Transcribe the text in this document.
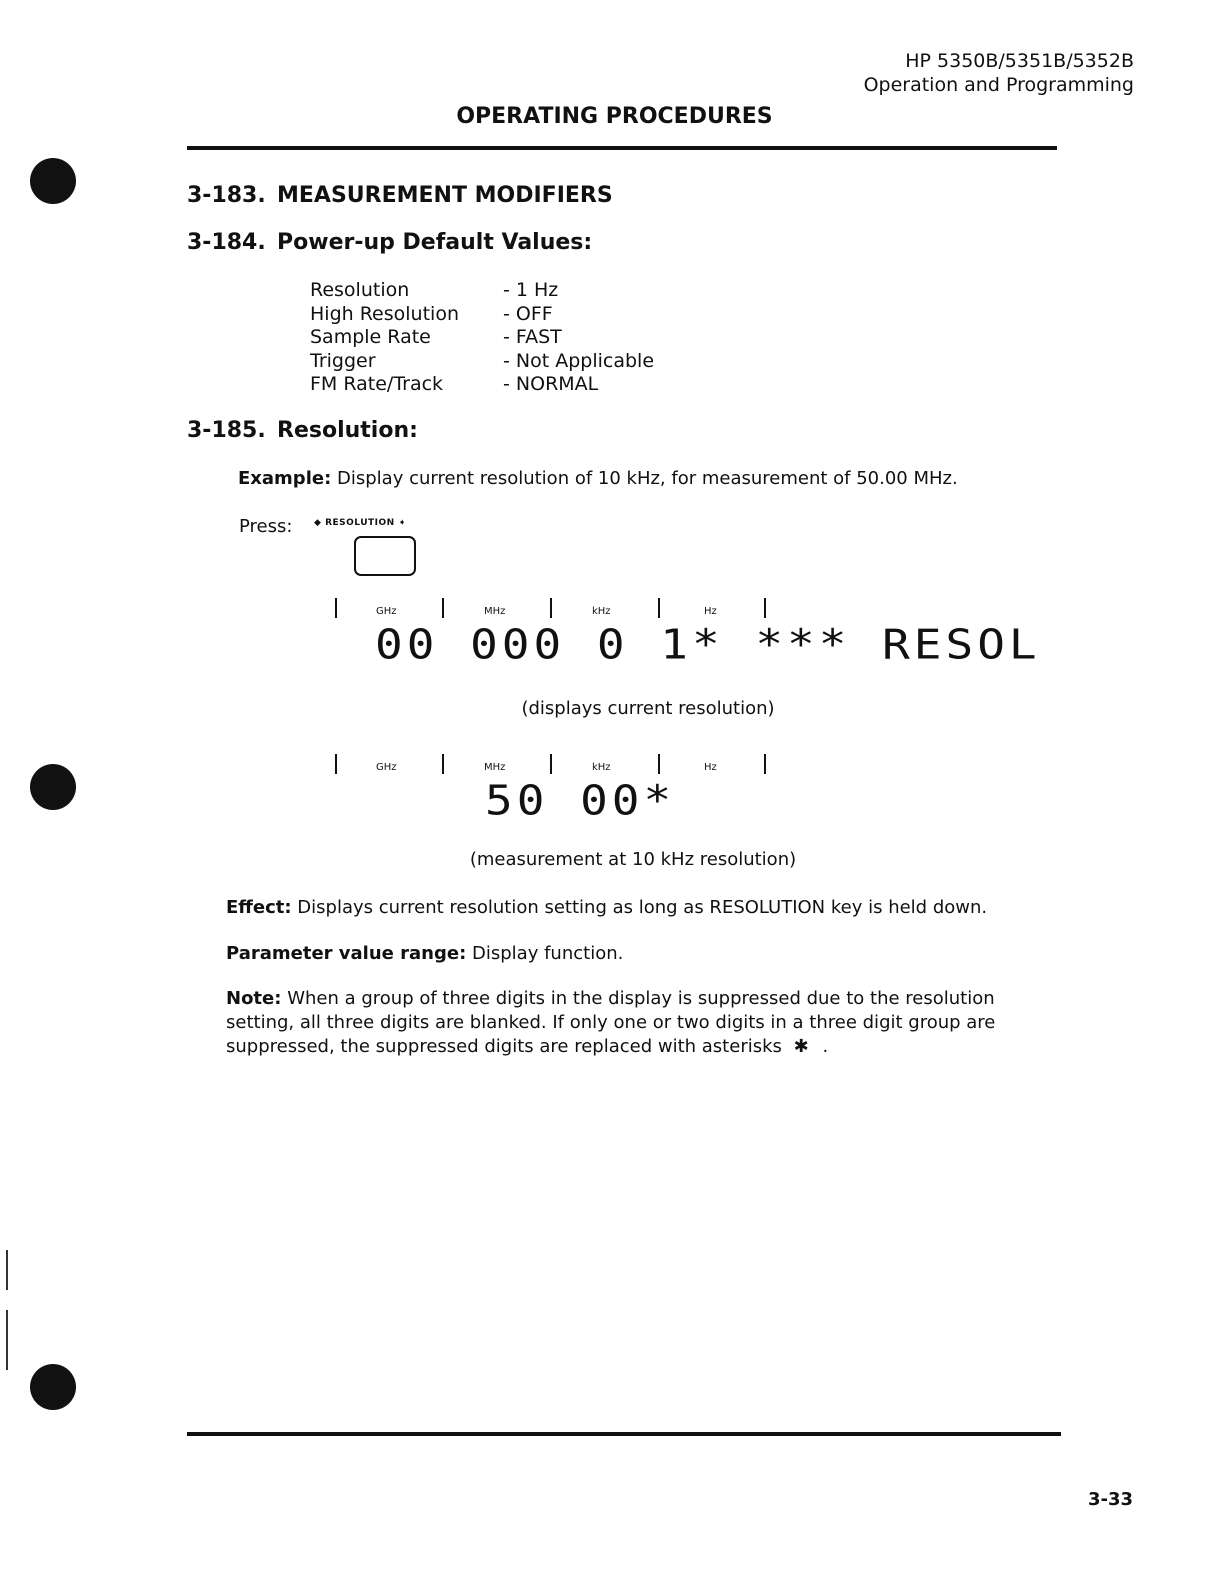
HP 5350B/5351B/5352B
Operation and Programming
OPERATING PROCEDURES
3-183. MEASUREMENT MODIFIERS
3-184. Power-up Default Values:
Resolution	- 1 Hz
High Resolution	- OFF
Sample Rate	- FAST
Trigger	- Not Applicable
FM Rate/Track	- NORMAL
3-185. Resolution:
Example: Display current resolution of 10 kHz, for measurement of 50.00 MHz.
Press: ◆ RESOLUTION ➧
GHz	MHz	kHz	Hz
00 000 0 1* *** RESOL
(displays current resolution)
GHz	MHz	kHz	Hz
50 00*
(measurement at 10 kHz resolution)
Effect: Displays current resolution setting as long as RESOLUTION key is held down.
Parameter value range: Display function.
Note: When a group of three digits in the display is suppressed due to the resolution setting, all three digits are blanked. If only one or two digits in a three digit group are suppressed, the suppressed digits are replaced with asterisks ✱ .
3-33
